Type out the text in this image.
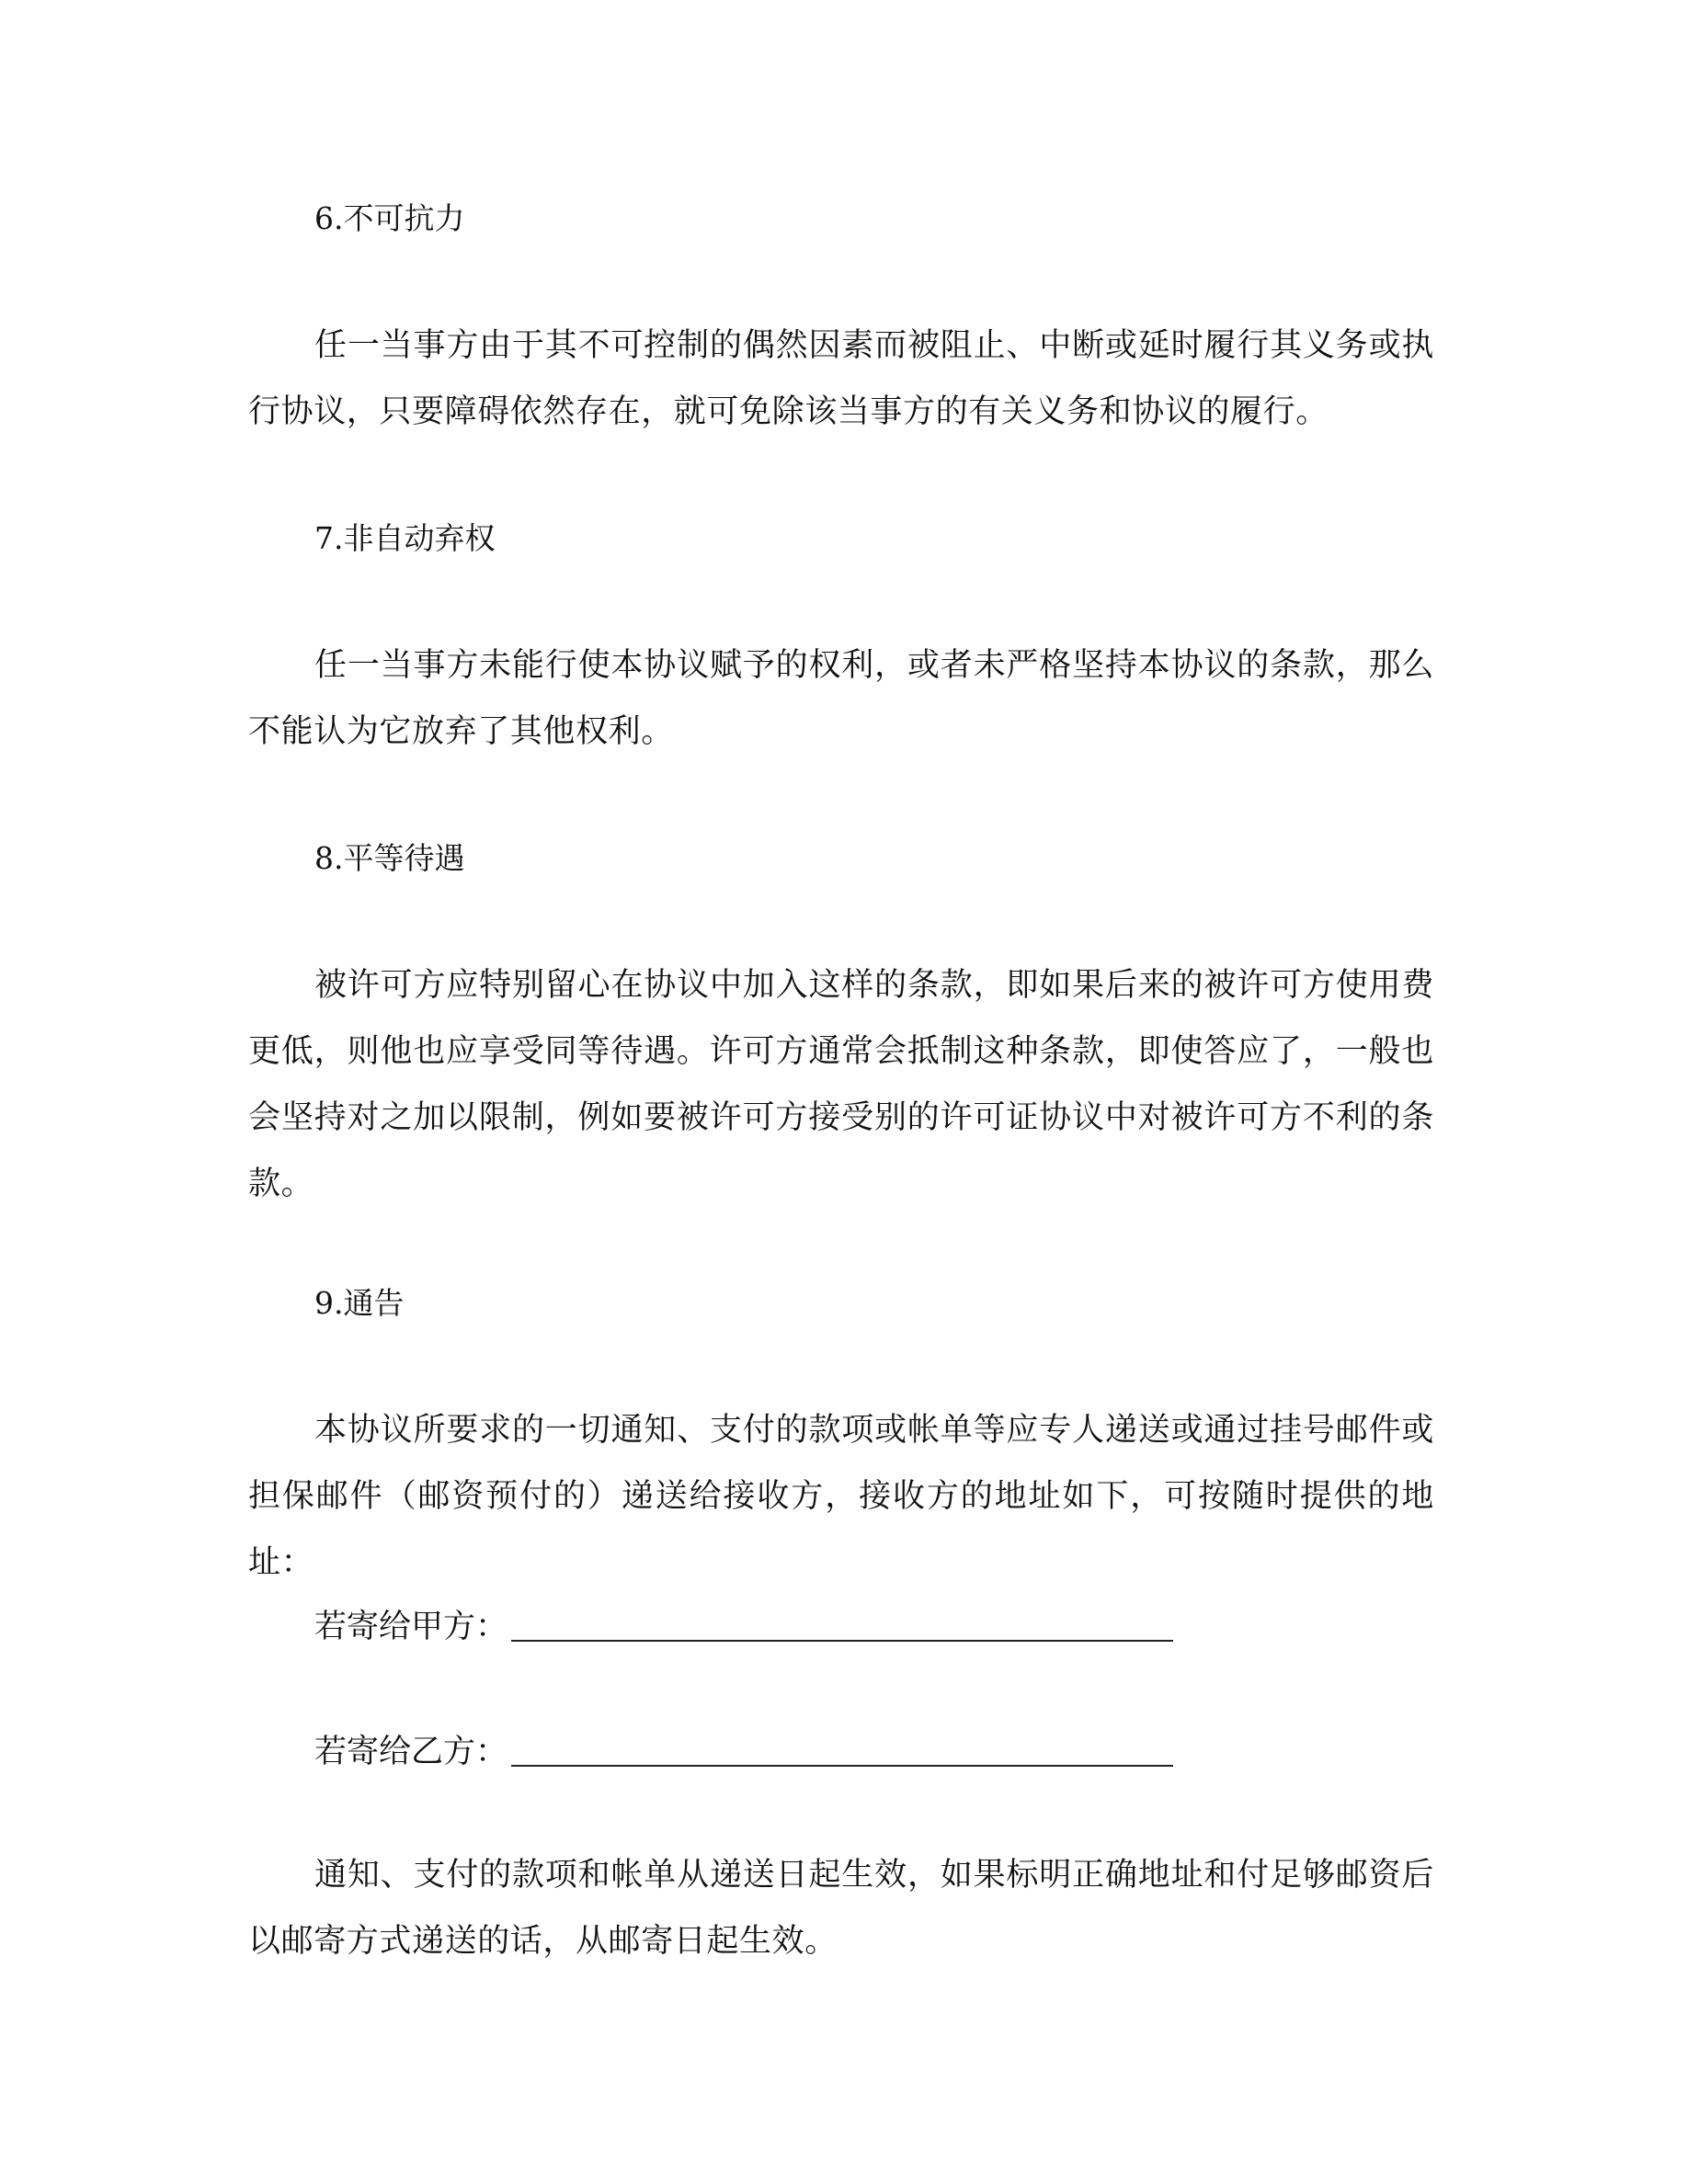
6.不可抗力
任一当事方由于其不可控制的偶然因素而被阻止、中断或延时履行其义务或执行协议，只要障碍依然存在，就可免除该当事方的有关义务和协议的履行。
7.非自动弃权
任一当事方未能行使本协议赋予的权利，或者未严格坚持本协议的条款，那么不能认为它放弃了其他权利。
8.平等待遇
被许可方应特别留心在协议中加入这样的条款，即如果后来的被许可方使用费更低，则他也应享受同等待遇。许可方通常会抵制这种条款，即使答应了，一般也会坚持对之加以限制，例如要被许可方接受别的许可证协议中对被许可方不利的条款。
9.通告
本协议所要求的一切通知、支付的款项或帐单等应专人递送或通过挂号邮件或担保邮件（邮资预付的）递送给接收方，接收方的地址如下，可按随时提供的地址：
若寄给甲方：
若寄给乙方：
通知、支付的款项和帐单从递送日起生效，如果标明正确地址和付足够邮资后以邮寄方式递送的话，从邮寄日起生效。
